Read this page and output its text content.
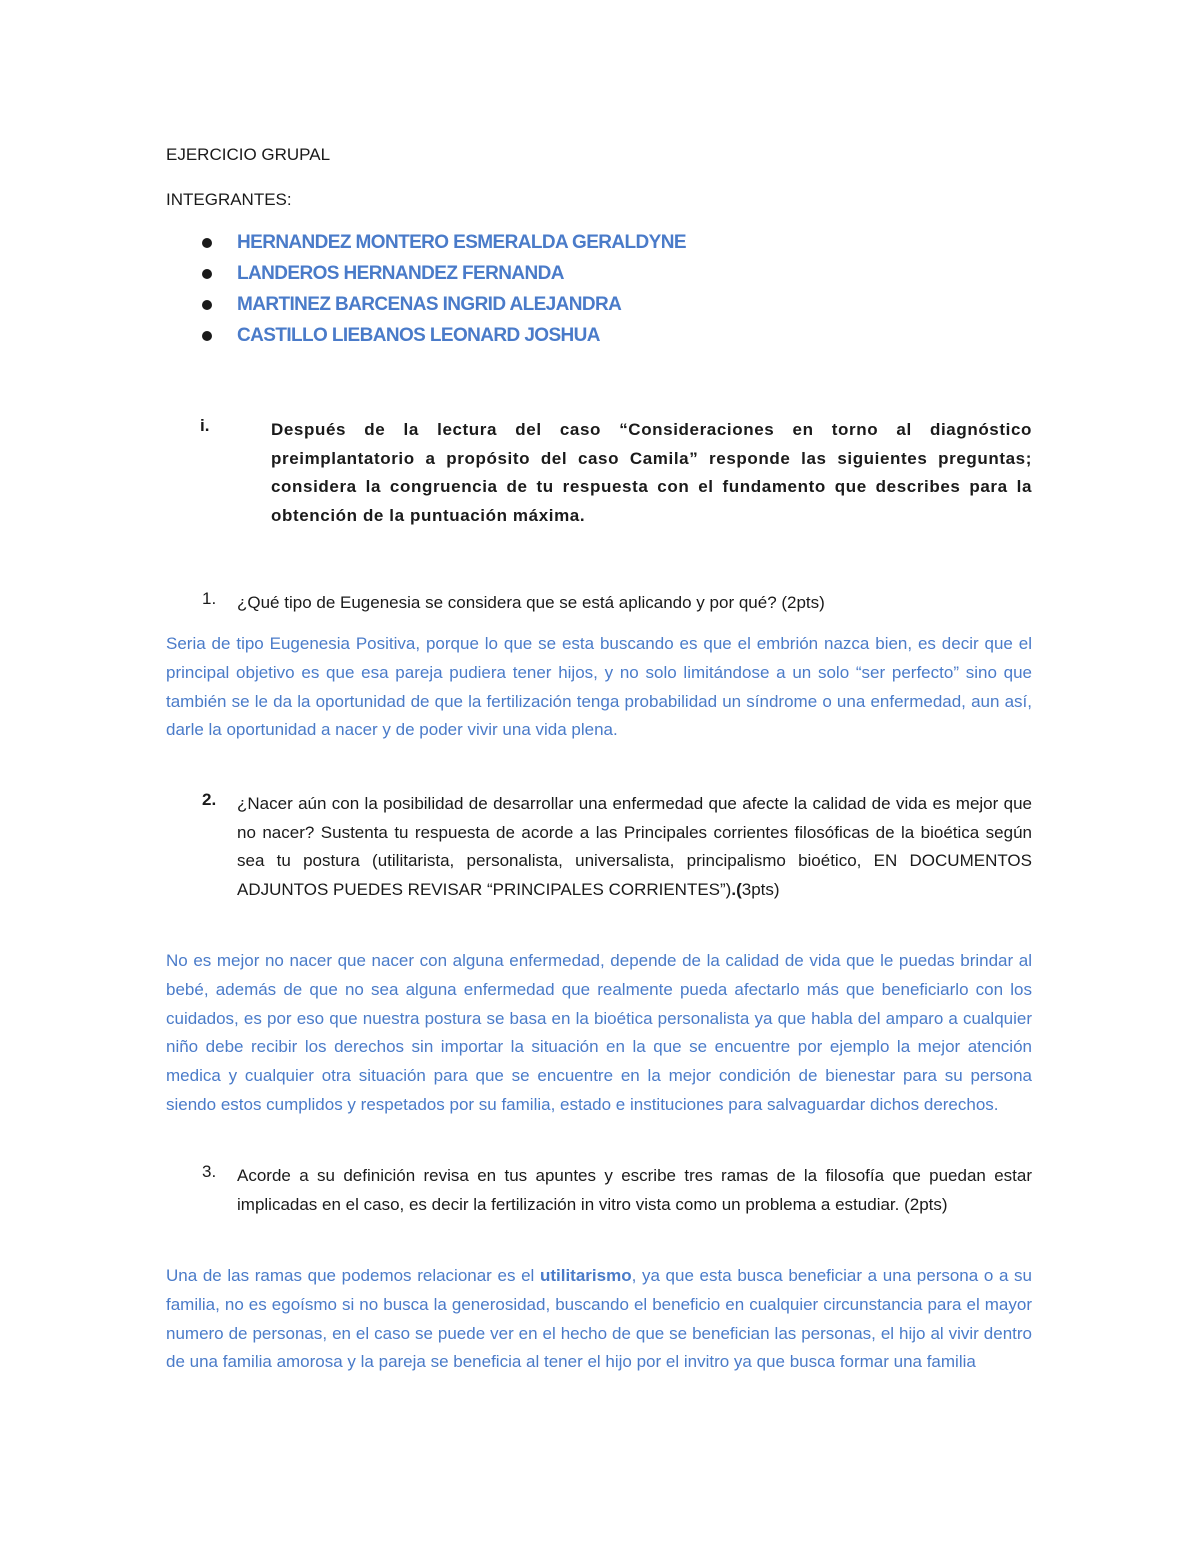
EJERCICIO GRUPAL
INTEGRANTES:
HERNANDEZ MONTERO ESMERALDA GERALDYNE
LANDEROS HERNANDEZ FERNANDA
MARTINEZ BARCENAS INGRID ALEJANDRA
CASTILLO LIEBANOS LEONARD JOSHUA
i.	Después de la lectura del caso “Consideraciones en torno al diagnóstico preimplantatorio a propósito del caso Camila” responde las siguientes preguntas; considera la congruencia de tu respuesta con el fundamento que describes para la obtención de la puntuación máxima.
1. ¿Qué tipo de Eugenesia se considera que se está aplicando y por qué? (2pts)
Seria de tipo Eugenesia Positiva, porque lo que se esta buscando es que el embrión nazca bien, es decir que el principal objetivo es que esa pareja pudiera tener hijos, y no solo limitándose a un solo “ser perfecto” sino que también se le da la oportunidad de que la fertilización tenga probabilidad un síndrome o una enfermedad, aun así, darle la oportunidad a nacer y de poder vivir una vida plena.
2. ¿Nacer aún con la posibilidad de desarrollar una enfermedad que afecte la calidad de vida es mejor que no nacer? Sustenta tu respuesta de acorde a las Principales corrientes filosóficas de la bioética según sea tu postura (utilitarista, personalista, universalista, principalismo bioético, EN DOCUMENTOS ADJUNTOS PUEDES REVISAR “PRINCIPALES CORRIENTES”).(3pts)
No es mejor no nacer que nacer con alguna enfermedad, depende de la calidad de vida que le puedas brindar al bebé, además de que no sea alguna enfermedad que realmente pueda afectarlo más que beneficiarlo con los cuidados, es por eso que nuestra postura se basa en la bioética personalista ya que habla del amparo a cualquier niño debe recibir los derechos sin importar la situación en la que se encuentre por ejemplo la mejor atención medica y cualquier otra situación para que se encuentre en la mejor condición de bienestar para su persona siendo estos cumplidos y respetados por su familia, estado e instituciones para salvaguardar dichos derechos.
3. Acorde a su definición revisa en tus apuntes y escribe tres ramas de la filosofía que puedan estar implicadas en el caso, es decir la fertilización in vitro vista como un problema a estudiar. (2pts)
Una de las ramas que podemos relacionar es el utilitarismo, ya que esta busca beneficiar a una persona o a su familia, no es egoísmo si no busca la generosidad, buscando el beneficio en cualquier circunstancia para el mayor numero de personas, en el caso se puede ver en el hecho de que se benefician las personas, el hijo al vivir dentro de una familia amorosa y la pareja se beneficia al tener el hijo por el invitro ya que busca formar una familia
